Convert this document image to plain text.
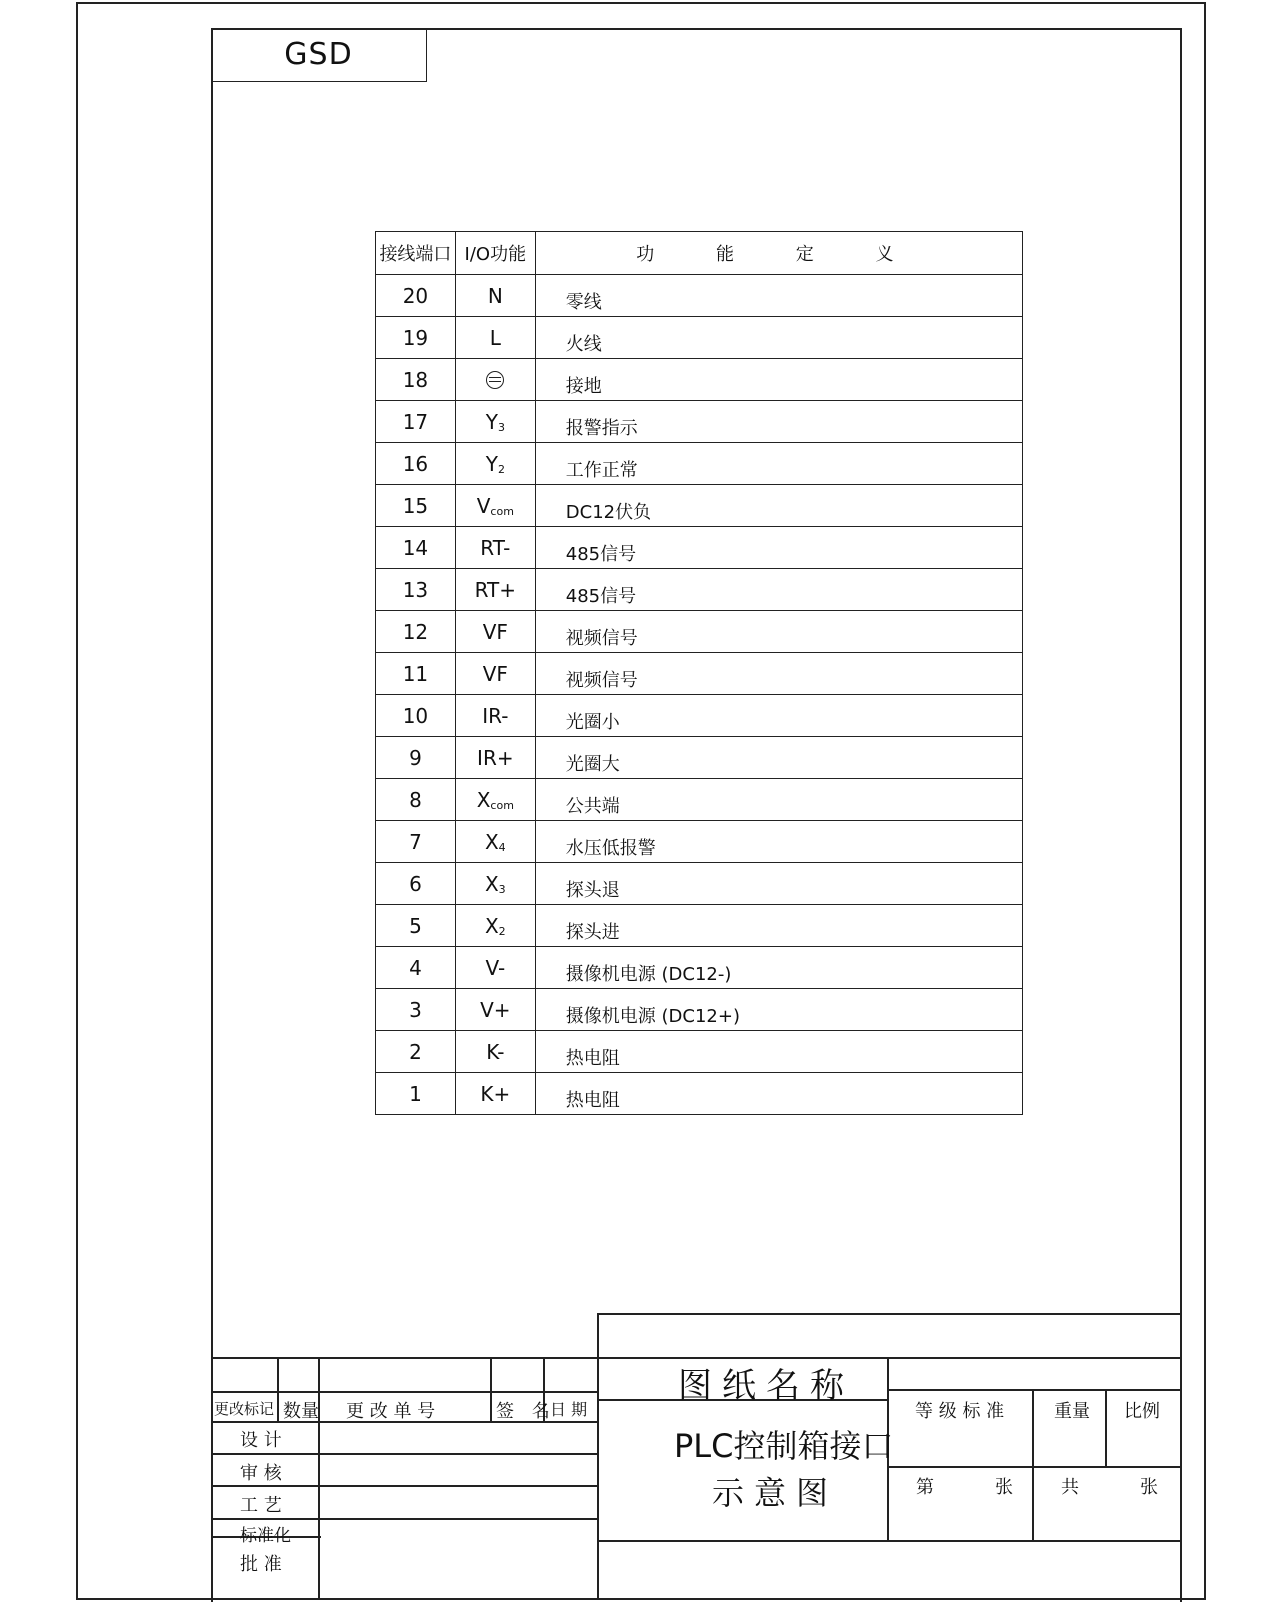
GSD
接线端口	I/O功能	功 能 定 义
20	N	零线
19	L	火线
18		接地
17	$Y_3$	报警指示
16	$Y_2$	工作正常
15	$V_{com}$	DC12伏负
14	RT-	485信号
13	RT+	485信号
12	VF	视频信号
11	VF	视频信号
10	IR-	光圈小
9	IR+	光圈大
8	$X_{com}$	公共端
7	$X_4$	水压低报警
6	$X_3$	探头退
5	$X_2$	探头进
4	V-	摄像机电源 (DC12-)
3	V+	摄像机电源 (DC12+)
2	K-	热电阻
1	K+	热电阻
图纸名称
PLC控制箱接口
示意图
更改标记 数量 更 改 单 号	签 名
日 期
设 计
审 核
工 艺
标准化
批 准
等 级 标 准	重量 比例
第	张	共	张
